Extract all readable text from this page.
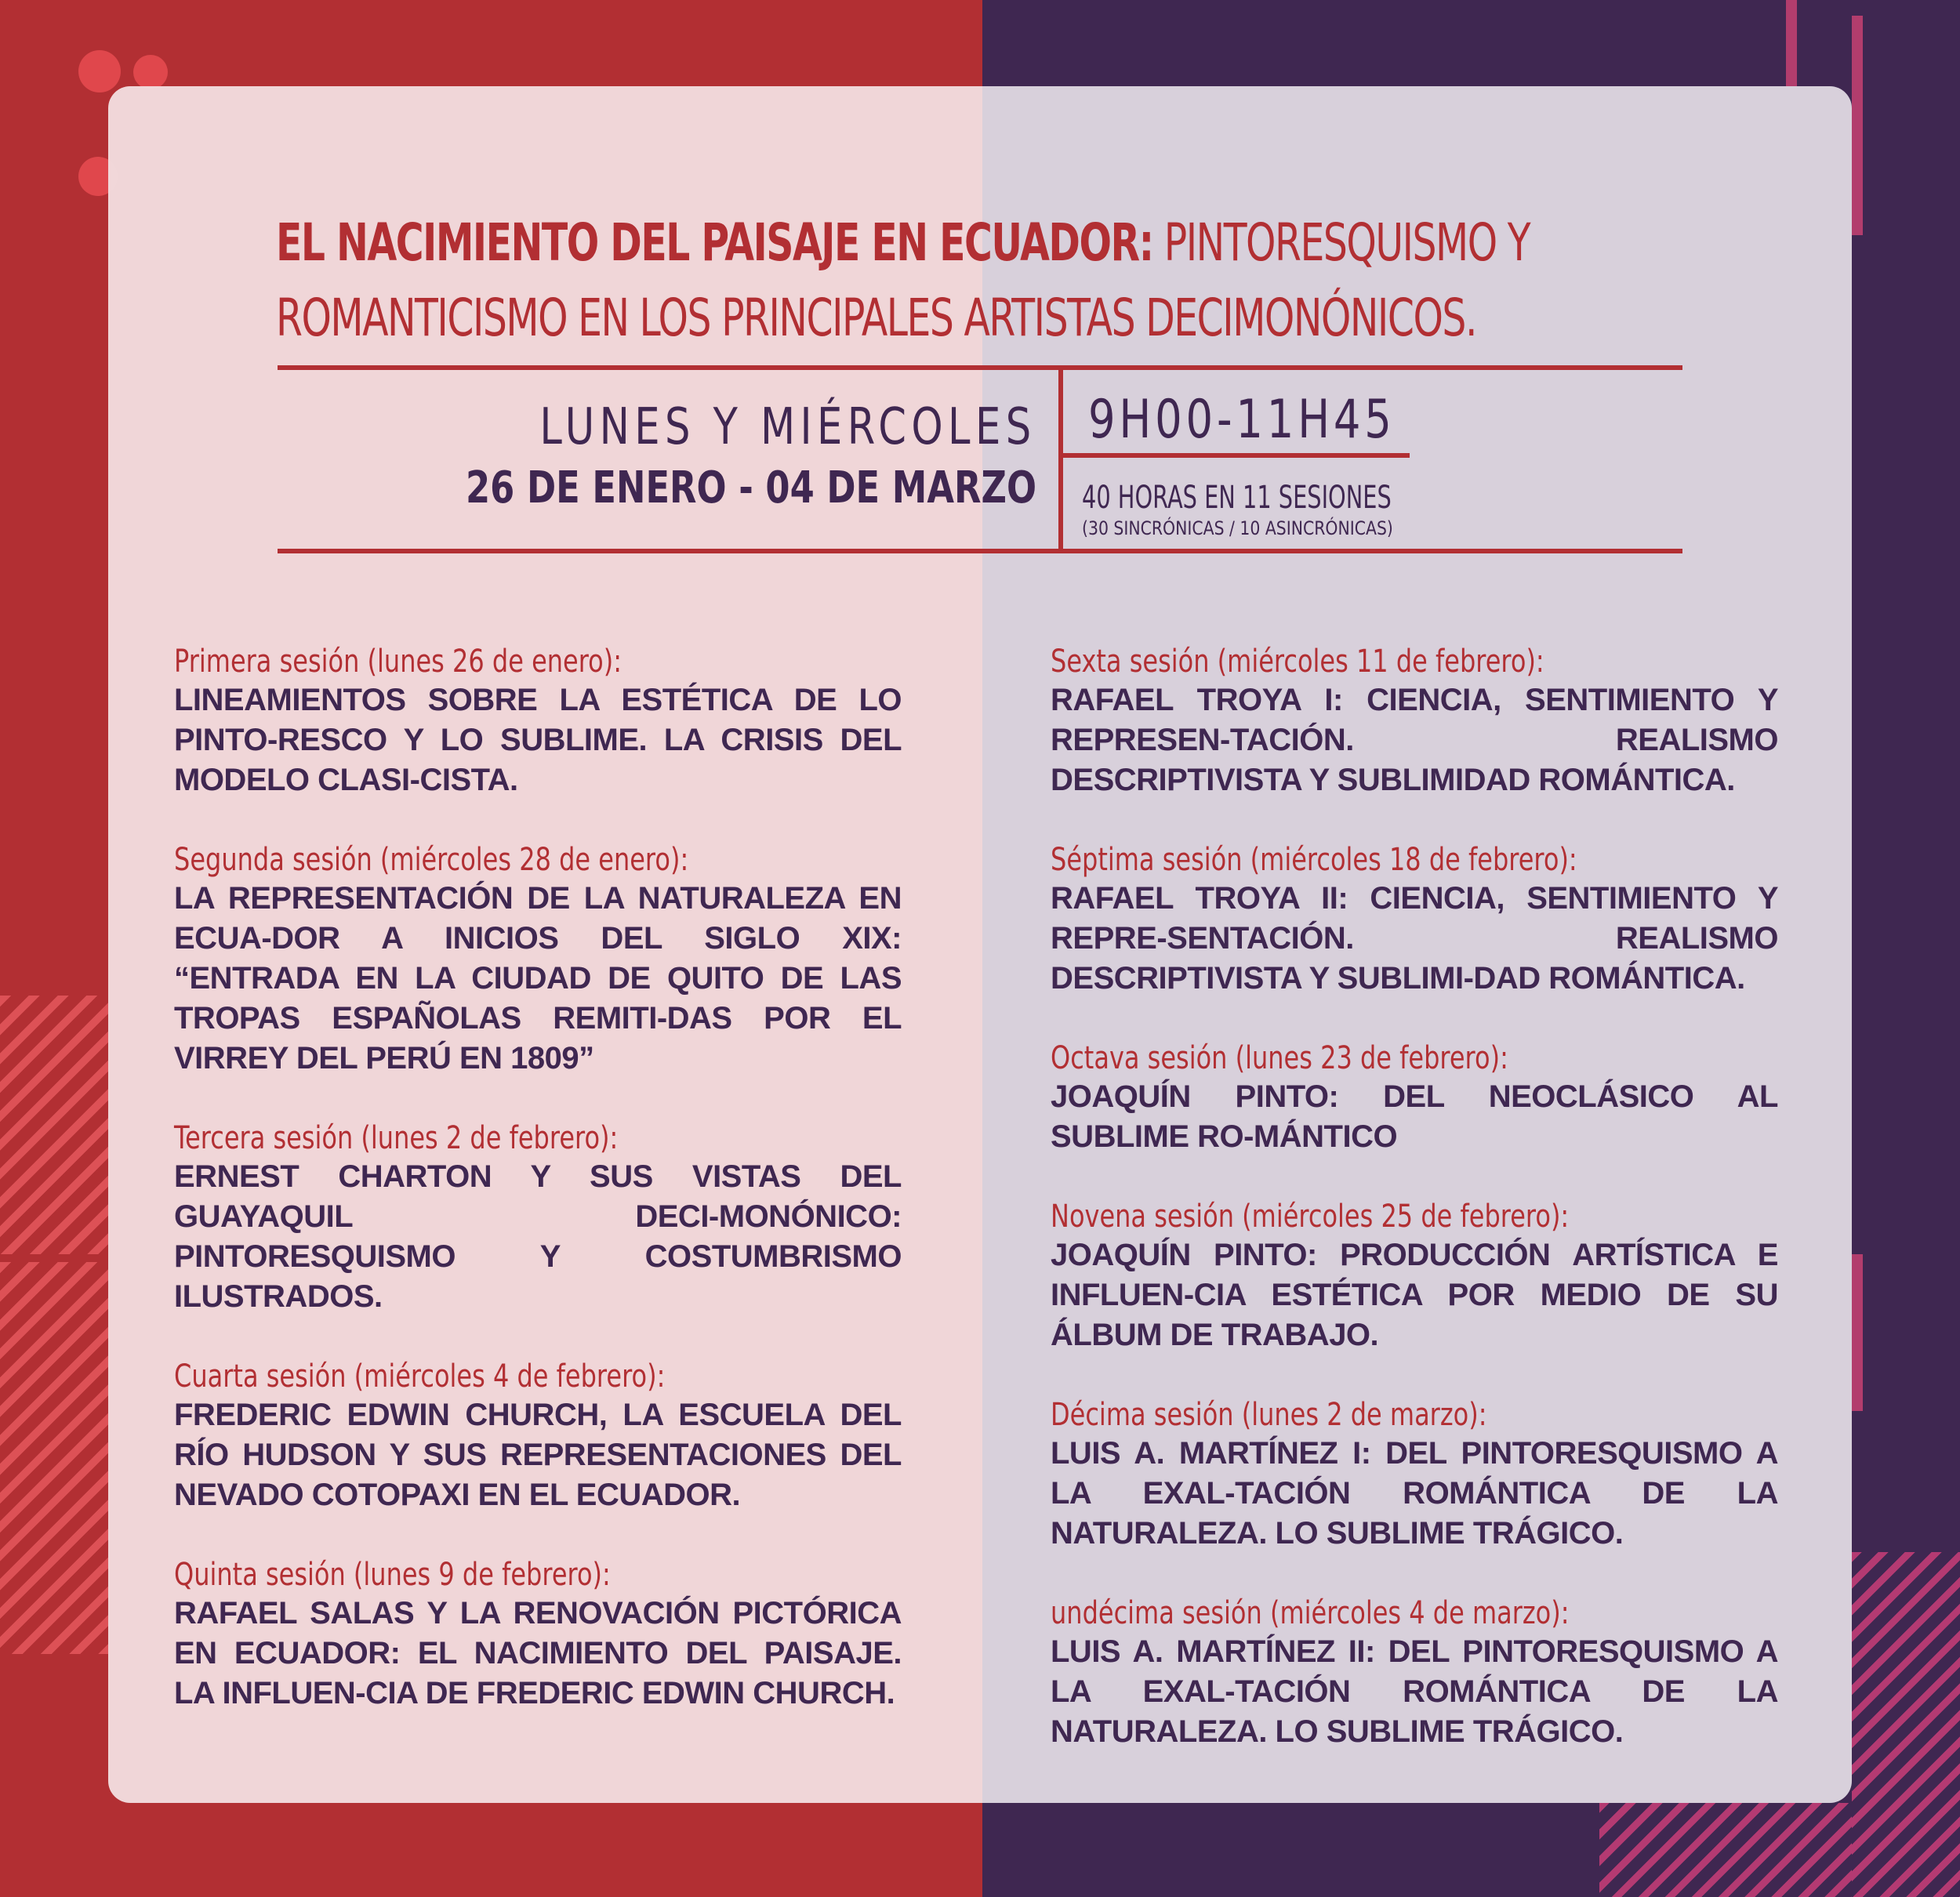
EL NACIMIENTO DEL PAISAJE EN ECUADOR: PINTORESQUISMO Y
ROMANTICISMO EN LOS PRINCIPALES ARTISTAS DECIMONÓNICOS.
LUNES Y MIÉRCOLES
26 DE ENERO - 04 DE MARZO
9H00-11H45
40 HORAS EN 11 SESIONES
(30 SINCRÓNICAS / 10 ASINCRÓNICAS)
Primera sesión (lunes 26 de enero):
LINEAMIENTOS SOBRE LA ESTÉTICA DE LO PINTO-RESCO Y LO SUBLIME. LA CRISIS DEL MODELO CLASI-CISTA.
Segunda sesión (miércoles 28 de enero):
LA REPRESENTACIÓN DE LA NATURALEZA EN ECUA-DOR A INICIOS DEL SIGLO XIX: “ENTRADA EN LA CIUDAD DE QUITO DE LAS TROPAS ESPAÑOLAS REMITI-DAS POR EL VIRREY DEL PERÚ EN 1809”
Tercera sesión (lunes 2 de febrero):
ERNEST CHARTON Y SUS VISTAS DEL GUAYAQUIL DECI-MONÓNICO: PINTORESQUISMO Y COSTUMBRISMO ILUSTRADOS.
Cuarta sesión (miércoles 4 de febrero):
FREDERIC EDWIN CHURCH, LA ESCUELA DEL RÍO HUDSON Y SUS REPRESENTACIONES DEL NEVADO COTOPAXI EN EL ECUADOR.
Quinta sesión (lunes 9 de febrero):
RAFAEL SALAS Y LA RENOVACIÓN PICTÓRICA EN ECUADOR: EL NACIMIENTO DEL PAISAJE. LA INFLUEN-CIA DE FREDERIC EDWIN CHURCH.
Sexta sesión (miércoles 11 de febrero):
RAFAEL TROYA I: CIENCIA, SENTIMIENTO Y REPRESEN-TACIÓN. REALISMO DESCRIPTIVISTA Y SUBLIMIDAD ROMÁNTICA.
Séptima sesión (miércoles 18 de febrero):
RAFAEL TROYA II: CIENCIA, SENTIMIENTO Y REPRE-SENTACIÓN. REALISMO DESCRIPTIVISTA Y SUBLIMI-DAD ROMÁNTICA.
Octava sesión (lunes 23 de febrero):
JOAQUÍN PINTO: DEL NEOCLÁSICO AL SUBLIME RO-MÁNTICO
Novena sesión (miércoles 25 de febrero):
JOAQUÍN PINTO: PRODUCCIÓN ARTÍSTICA E INFLUEN-CIA ESTÉTICA POR MEDIO DE SU ÁLBUM DE TRABAJO.
Décima sesión (lunes 2 de marzo):
LUIS A. MARTÍNEZ I: DEL PINTORESQUISMO A LA EXAL-TACIÓN ROMÁNTICA DE LA NATURALEZA. LO SUBLIME TRÁGICO.
undécima sesión (miércoles 4 de marzo):
LUIS A. MARTÍNEZ II: DEL PINTORESQUISMO A LA EXAL-TACIÓN ROMÁNTICA DE LA NATURALEZA. LO SUBLIME TRÁGICO.
